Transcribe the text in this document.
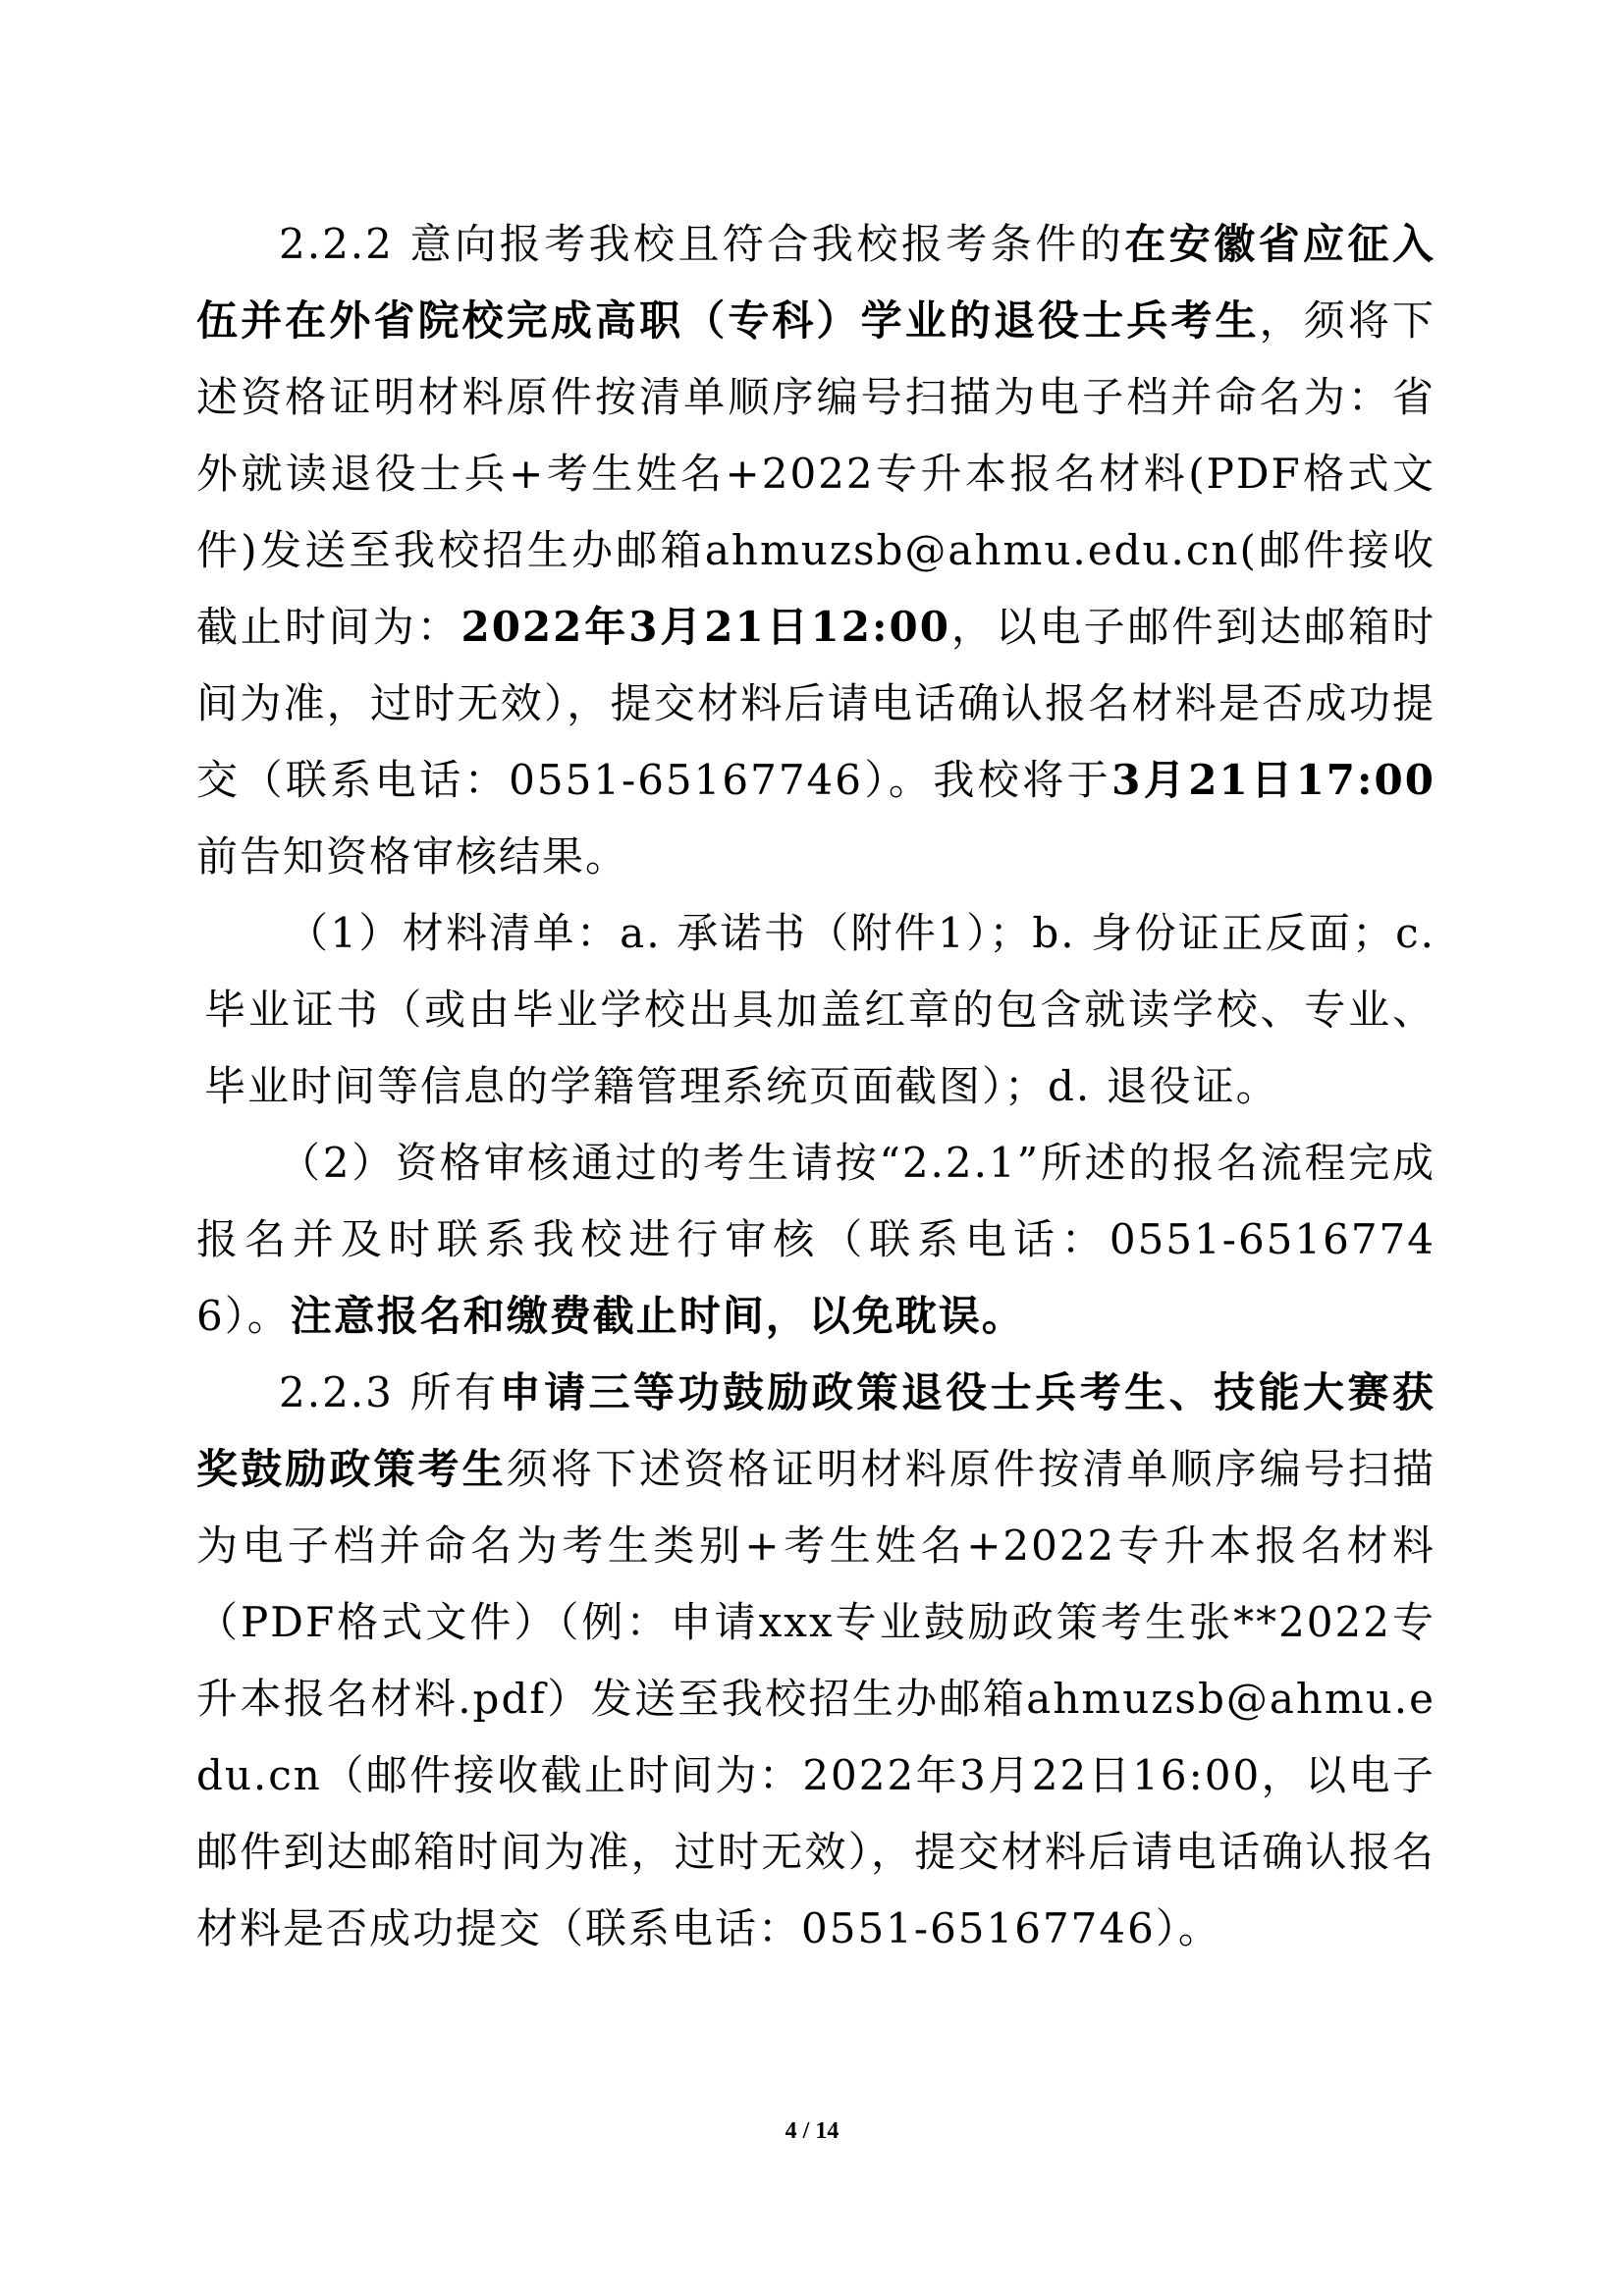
2.2.2 意向报考我校且符合我校报考条件的在安徽省应征入伍并在外省院校完成高职（专科）学业的退役士兵考生，须将下述资格证明材料原件按清单顺序编号扫描为电子档并命名为：省外就读退役士兵+考生姓名+2022专升本报名材料(PDF格式文件)发送至我校招生办邮箱ahmuzsb@ahmu.edu.cn(邮件接收截止时间为：2022年3月21日12:00，以电子邮件到达邮箱时间为准，过时无效），提交材料后请电话确认报名材料是否成功提交（联系电话：0551-65167746）。我校将于3月21日17:00前告知资格审核结果。

（1）材料清单：a. 承诺书（附件1）；b. 身份证正反面；c. 毕业证书（或由毕业学校出具加盖红章的包含就读学校、专业、毕业时间等信息的学籍管理系统页面截图）；d. 退役证。

（2）资格审核通过的考生请按“2.2.1”所述的报名流程完成报名并及时联系我校进行审核（联系电话：0551-65167746）。注意报名和缴费截止时间，以免耽误。

2.2.3 所有申请三等功鼓励政策退役士兵考生、技能大赛获奖鼓励政策考生须将下述资格证明材料原件按清单顺序编号扫描为电子档并命名为考生类别+考生姓名+2022专升本报名材料（PDF格式文件）（例：申请xxx专业鼓励政策考生张**2022专升本报名材料.pdf）发送至我校招生办邮箱ahmuzsb@ahmu.edu.cn（邮件接收截止时间为：2022年3月22日16:00，以电子邮件到达邮箱时间为准，过时无效），提交材料后请电话确认报名材料是否成功提交（联系电话：0551-65167746）。

4 / 14
